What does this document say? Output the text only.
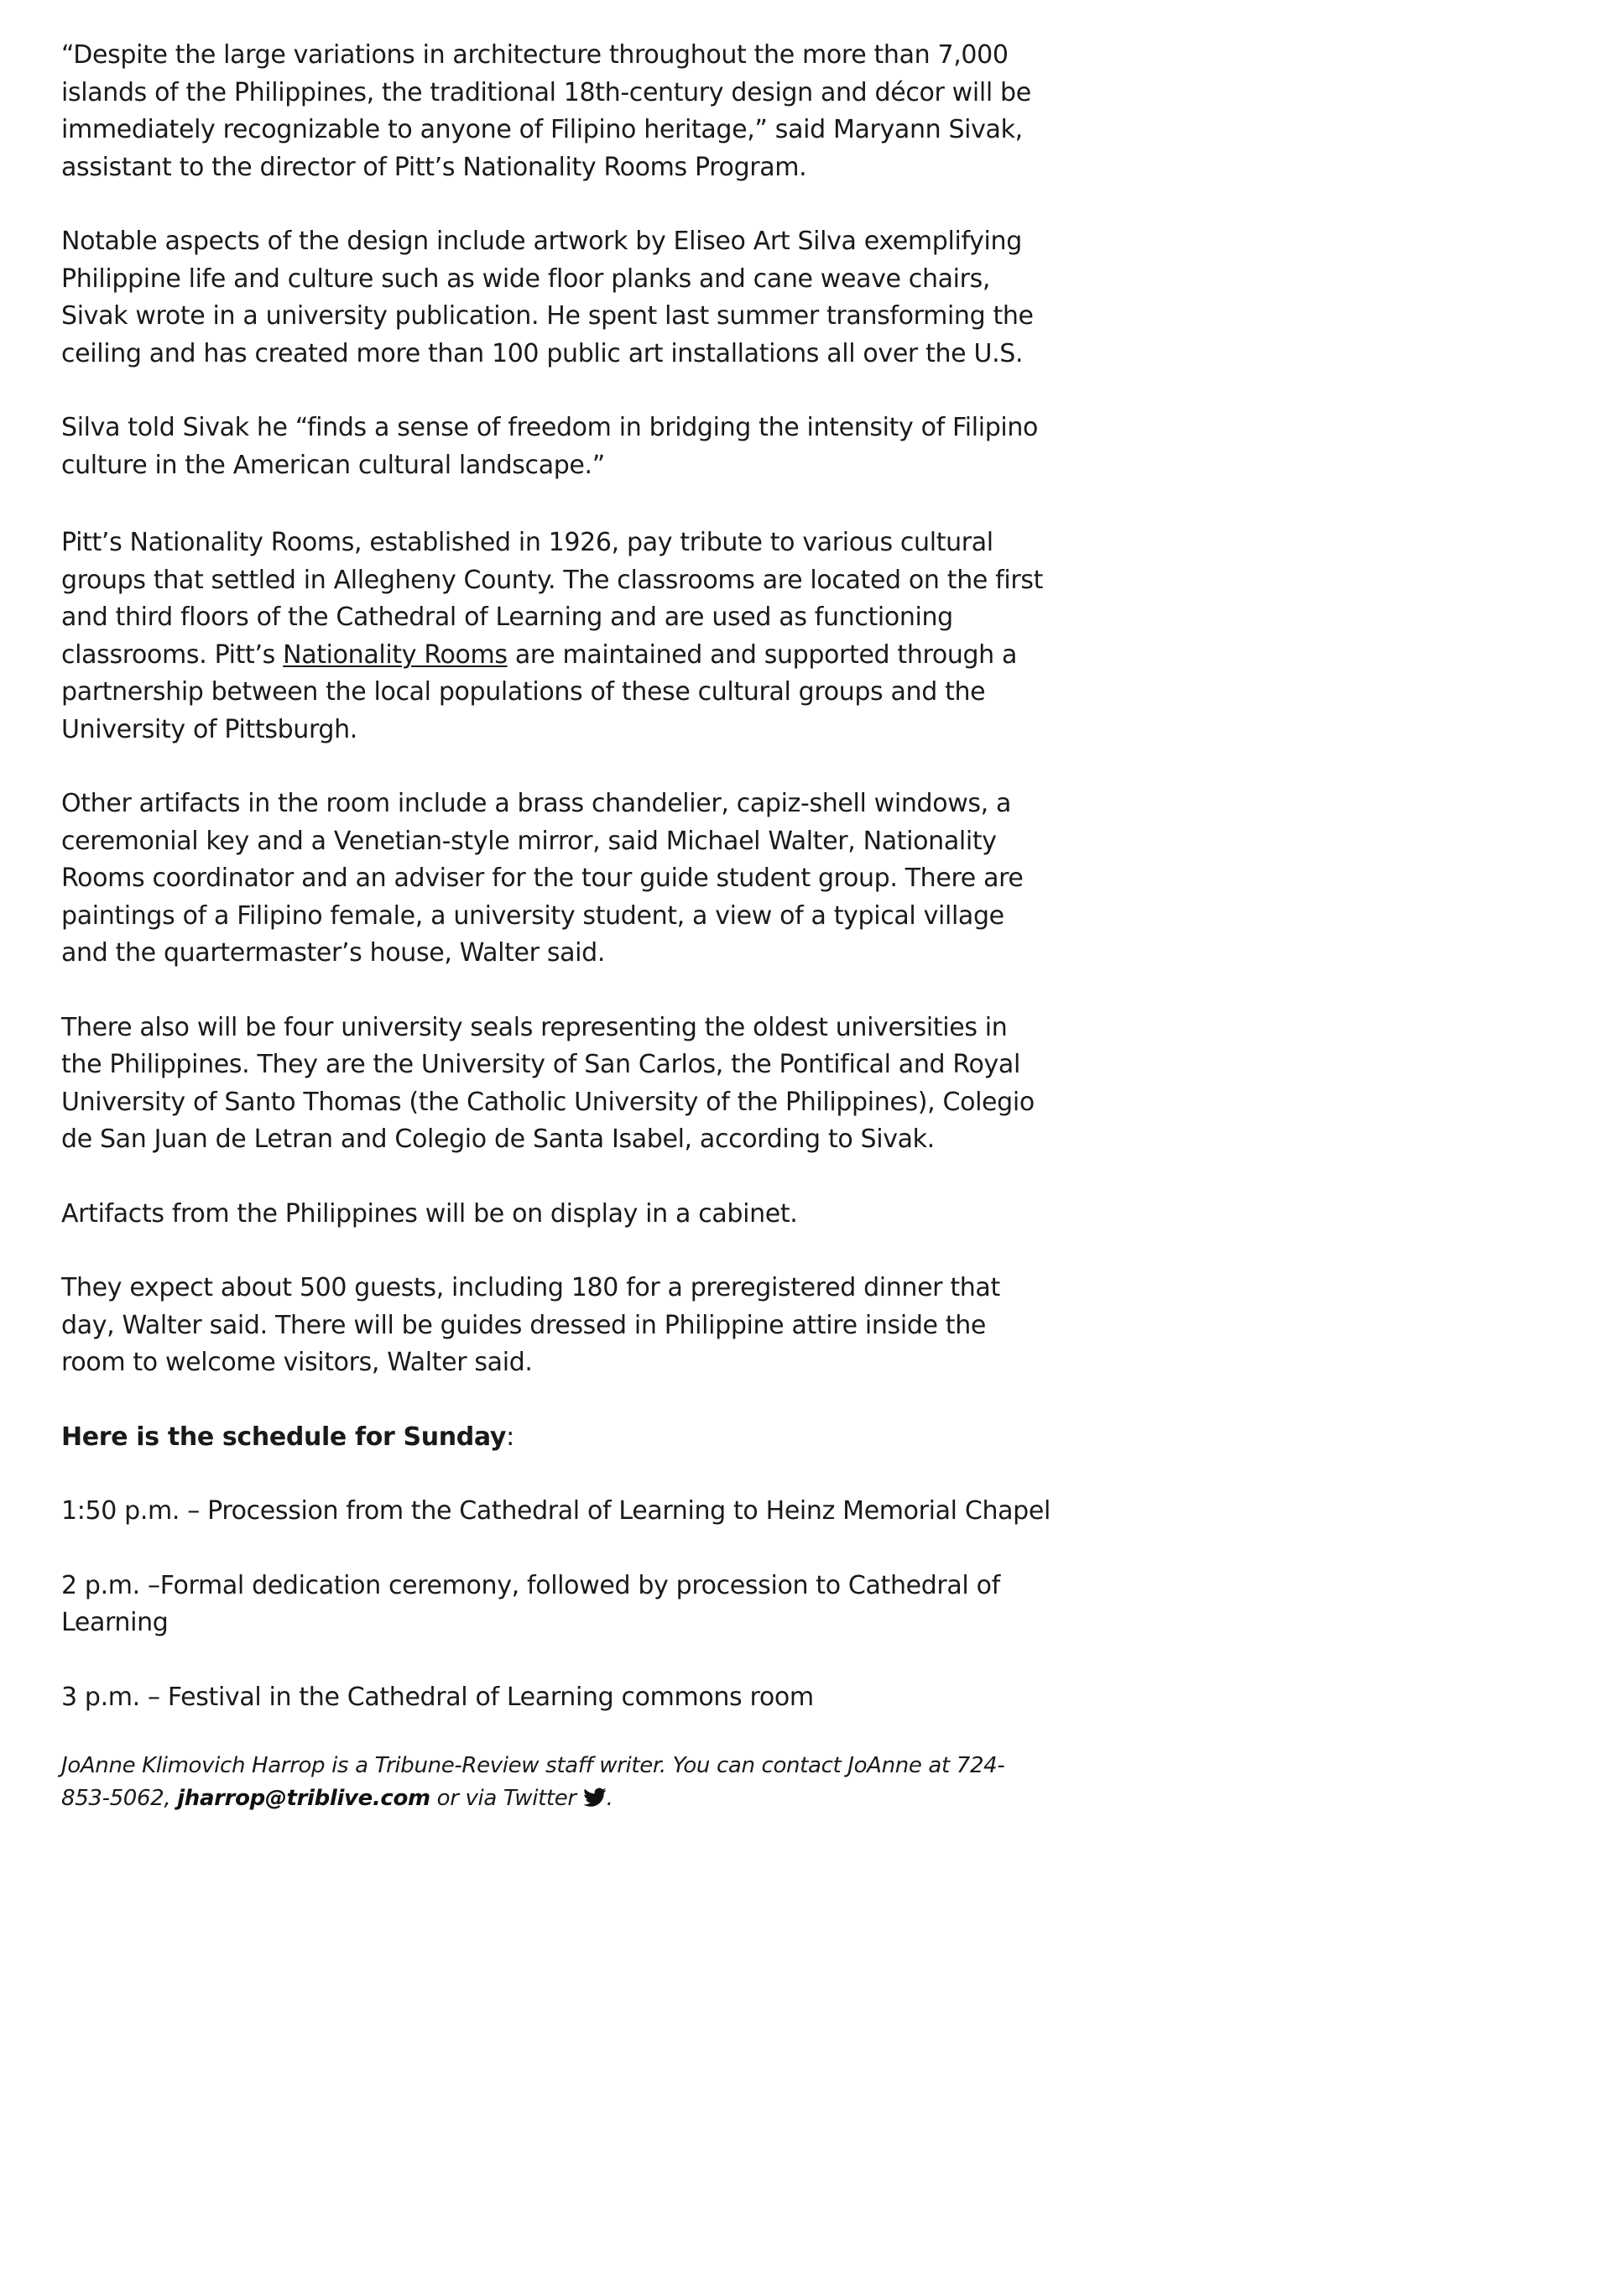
“Despite the large variations in architecture throughout the more than 7,000 islands of the Philippines, the traditional 18th-century design and décor will be immediately recognizable to anyone of Filipino heritage,” said Maryann Sivak, assistant to the director of Pitt’s Nationality Rooms Program.

Notable aspects of the design include artwork by Eliseo Art Silva exemplifying Philippine life and culture such as wide floor planks and cane weave chairs, Sivak wrote in a university publication. He spent last summer transforming the ceiling and has created more than 100 public art installations all over the U.S.

Silva told Sivak he “finds a sense of freedom in bridging the intensity of Filipino culture in the American cultural landscape.”

Pitt’s Nationality Rooms, established in 1926, pay tribute to various cultural groups that settled in Allegheny County. The classrooms are located on the first and third floors of the Cathedral of Learning and are used as functioning classrooms. Pitt’s Nationality Rooms are maintained and supported through a partnership between the local populations of these cultural groups and the University of Pittsburgh.

Other artifacts in the room include a brass chandelier, capiz-shell windows, a ceremonial key and a Venetian-style mirror, said Michael Walter, Nationality Rooms coordinator and an adviser for the tour guide student group. There are paintings of a Filipino female, a university student, a view of a typical village and the quartermaster’s house, Walter said.

There also will be four university seals representing the oldest universities in the Philippines. They are the University of San Carlos, the Pontifical and Royal University of Santo Thomas (the Catholic University of the Philippines), Colegio de San Juan de Letran and Colegio de Santa Isabel, according to Sivak.

Artifacts from the Philippines will be on display in a cabinet.

They expect about 500 guests, including 180 for a preregistered dinner that day, Walter said. There will be guides dressed in Philippine attire inside the room to welcome visitors, Walter said.

Here is the schedule for Sunday:

1:50 p.m. – Procession from the Cathedral of Learning to Heinz Memorial Chapel

2 p.m. –Formal dedication ceremony, followed by procession to Cathedral of Learning

3 p.m. – Festival in the Cathedral of Learning commons room

JoAnne Klimovich Harrop is a Tribune-Review staff writer. You can contact JoAnne at 724-853-5062, jharrop@triblive.com or via Twitter
.
